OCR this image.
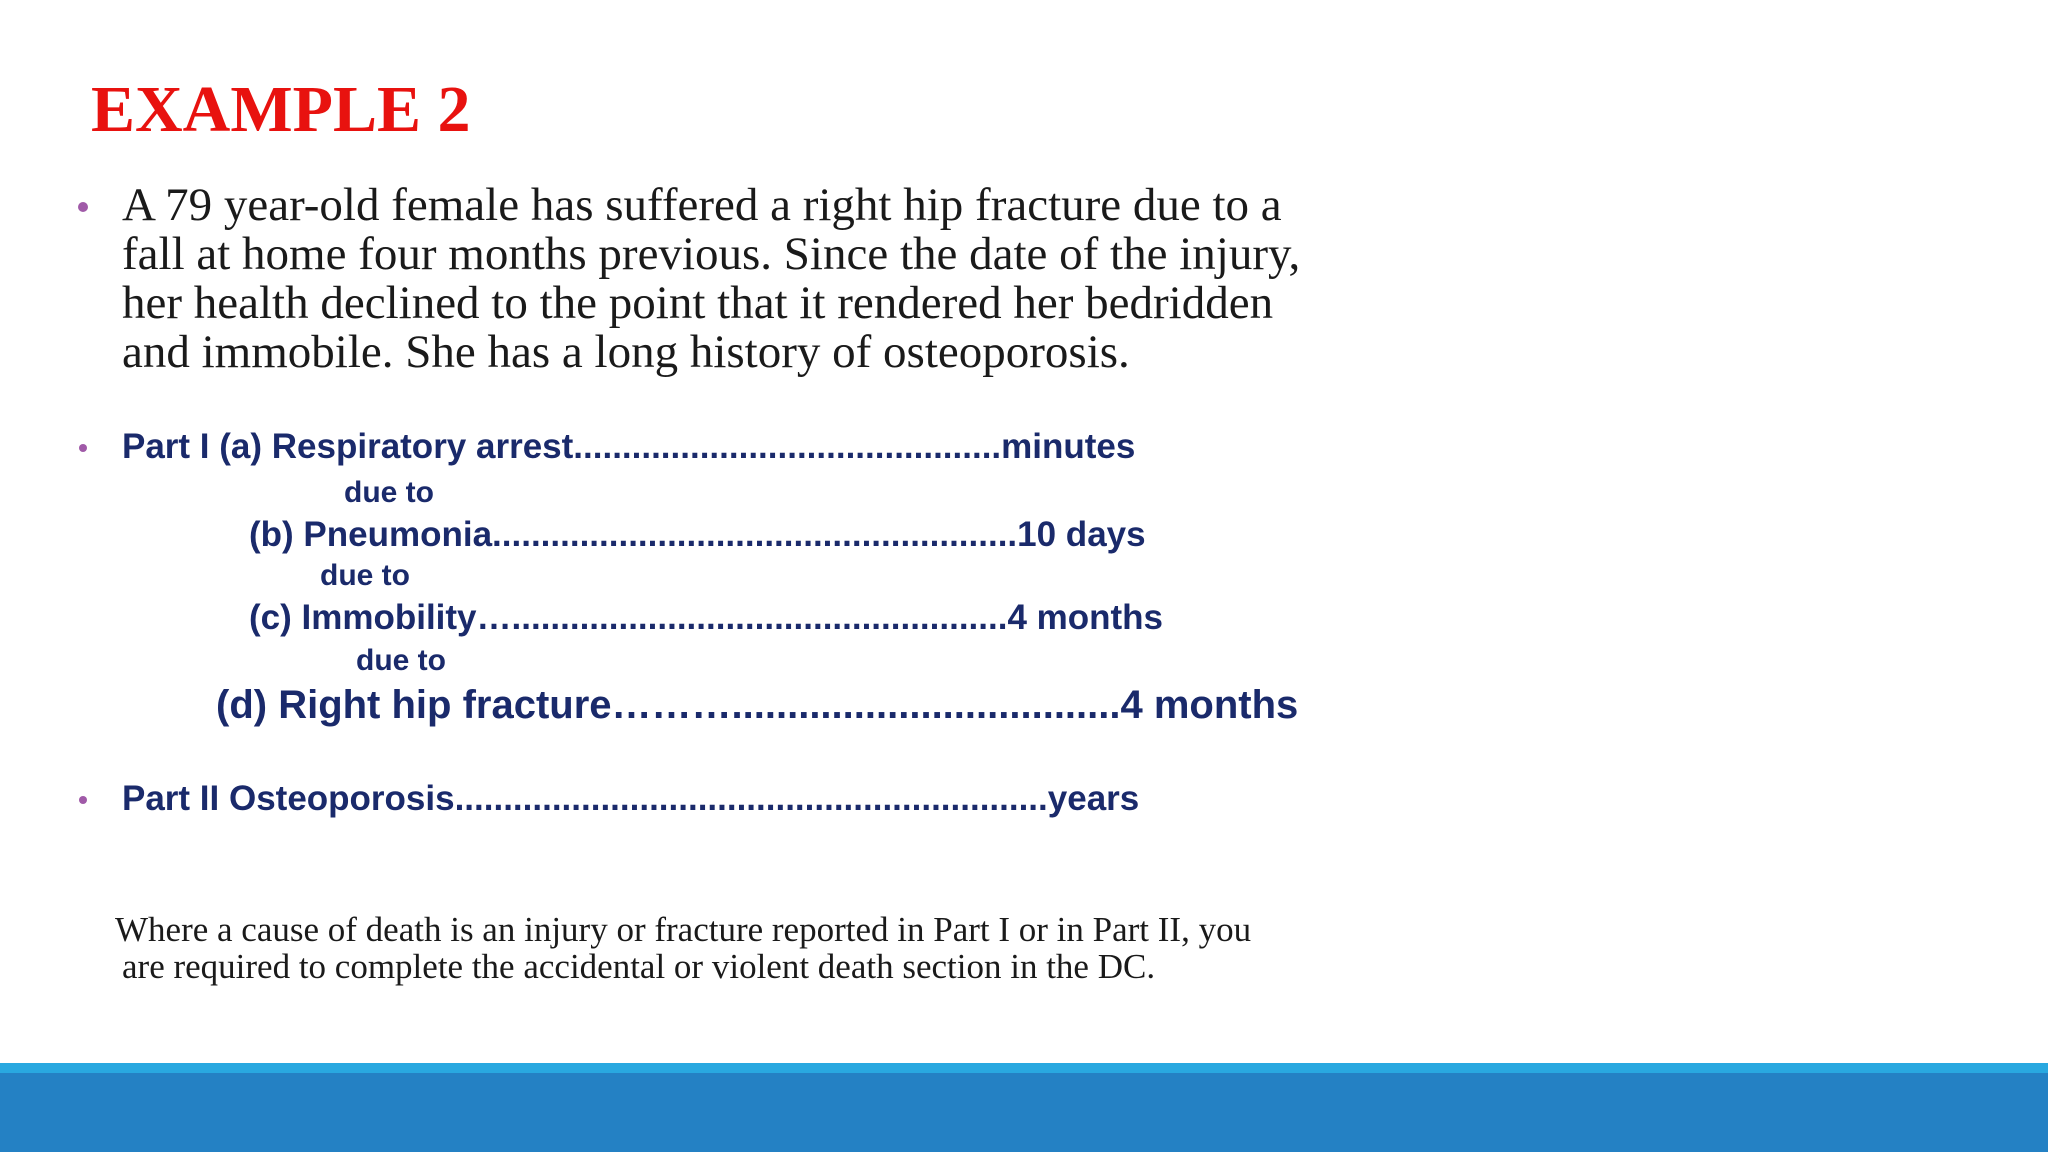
EXAMPLE 2

A 79 year-old female has suffered a right hip fracture due to a
fall at home four months previous. Since the date of the injury,
her health declined to the point that it rendered her bedridden
and immobile. She has a long history of osteoporosis.

Part I (a) Respiratory arrest............................................minutes

due to

(b) Pneumonia......................................................10 days

due to

(c) Immobility…...................................................4 months

due to

(d) Right hip fracture………...................................4 months

Part II Osteoporosis.............................................................years

Where a cause of death is an injury or fracture reported in Part I or in Part II, you
are required to complete the accidental or violent death section in the DC.
